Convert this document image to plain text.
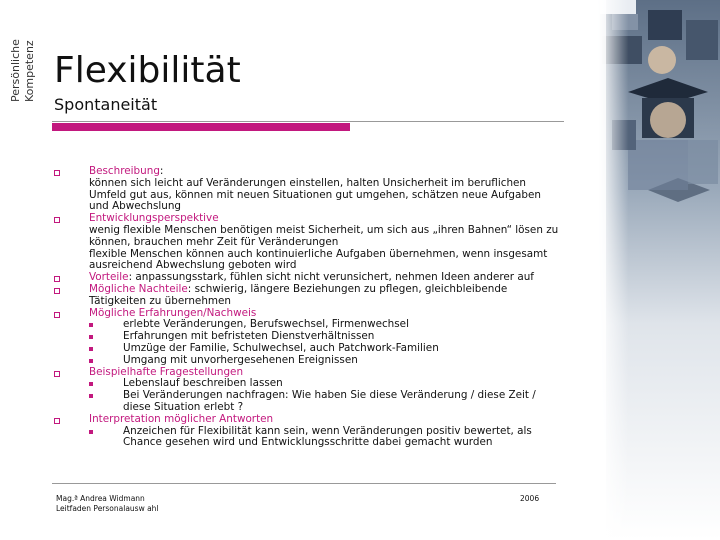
Persönliche Kompetenz Flexibilität
Spontaneität
Beschreibung:
können sich leicht auf Veränderungen einstellen, halten Unsicherheit im beruflichen
Umfeld gut aus, können mit neuen Situationen gut umgehen, schätzen neue Aufgaben
und Abwechslung
Entwicklungsperspektive
wenig flexible Menschen benötigen meist Sicherheit, um sich aus „ihren Bahnen“ lösen zu
können, brauchen mehr Zeit für Veränderungen
flexible Menschen können auch kontinuierliche Aufgaben übernehmen, wenn insgesamt
ausreichend Abwechslung geboten wird
Vorteile: anpassungsstark, fühlen sicht nicht verunsichert, nehmen Ideen anderer auf
Mögliche Nachteile: schwierig, längere Beziehungen zu pflegen, gleichbleibende
Tätigkeiten zu übernehmen
Mögliche Erfahrungen/Nachweis
erlebte Veränderungen, Berufswechsel, Firmenwechsel
Erfahrungen mit befristeten Dienstverhältnissen
Umzüge der Familie, Schulwechsel, auch Patchwork-Familien
Umgang mit unvorhergesehenen Ereignissen
Beispielhafte Fragestellungen
Lebenslauf beschreiben lassen
Bei Veränderungen nachfragen: Wie haben Sie diese Veränderung / diese Zeit /
diese Situation erlebt ?
Interpretation möglicher Antworten
Anzeichen für Flexibilität kann sein, wenn Veränderungen positiv bewertet, als
Chance gesehen wird und Entwicklungsschritte dabei gemacht wurden
Mag.ª Andrea Widmann
Leitfaden Personalausw ahl
2006
